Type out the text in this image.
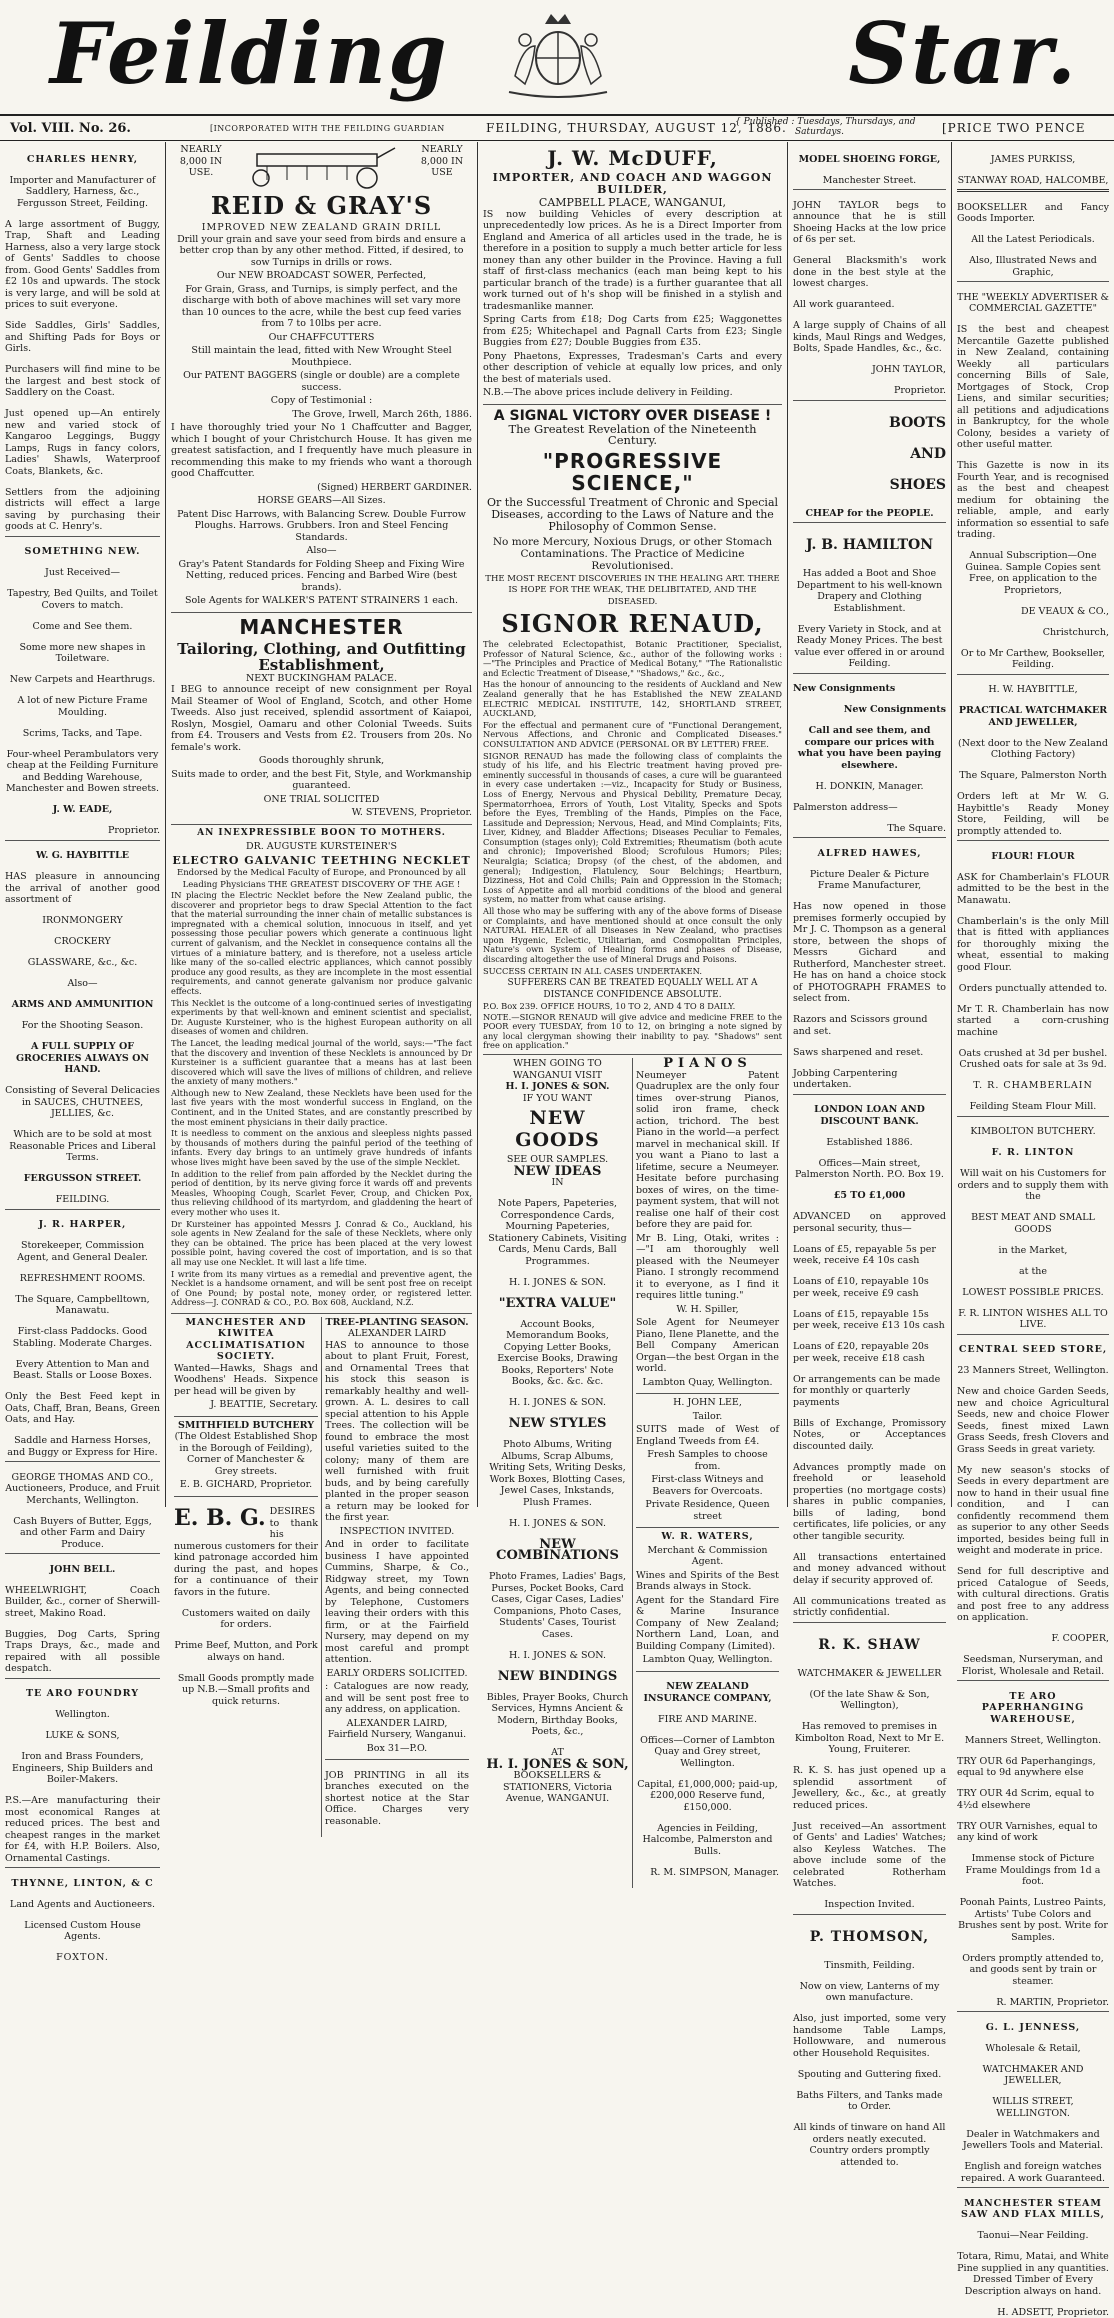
Feilding	Star.
Vol. VIII. No. 26.	[INCORPORATED WITH THE FEILDING GUARDIAN	FEILDING, THURSDAY, AUGUST 12, 1886.
{ Published : Tuesdays, Thursdays, and
Saturdays.	[PRICE TWO PENCE

CHARLES HENRY,

Importer and Manufacturer of Saddlery, Harness, &c., Fergusson Street, Feilding.

A large assortment of Buggy, Trap, Shaft and Leading Harness, also a very large stock of Gents' Saddles to choose from. Good Gents' Saddles from £2 10s and upwards. The stock is very large, and will be sold at prices to suit everyone.

Side Saddles, Girls' Saddles, and Shifting Pads for Boys or Girls.

Purchasers will find mine to be the largest and best stock of Saddlery on the Coast.

Just opened up—An entirely new and varied stock of Kangaroo Leggings, Buggy Lamps, Rugs in fancy colors, Ladies' Shawls, Waterproof Coats, Blankets, &c.

Settlers from the adjoining districts will effect a large saving by purchasing their goods at C. Henry's.

SOMETHING NEW.

Just Received—

Tapestry, Bed Quilts, and Toilet Covers to match.

Come and See them.

Some more new shapes in Toiletware.

New Carpets and Hearthrugs.

A lot of new Picture Frame Moulding.

Scrims, Tacks, and Tape.

Four-wheel Perambulators very cheap at the Feilding Furniture and Bedding Warehouse, Manchester and Bowen streets.

J. W. EADE,

Proprietor.

W. G. HAYBITTLE

HAS pleasure in announcing the arrival of another good assortment of

IRONMONGERY

CROCKERY

GLASSWARE, &c., &c.

Also—

ARMS AND AMMUNITION

For the Shooting Season.

A FULL SUPPLY OF GROCERIES ALWAYS ON HAND.

Consisting of Several Delicacies in SAUCES, CHUTNEES, JELLIES, &c.

Which are to be sold at most Reasonable Prices and Liberal Terms.

FERGUSSON STREET.

FEILDING.

J. R. HARPER,

Storekeeper, Commission Agent, and General Dealer.

REFRESHMENT ROOMS.

The Square, Campbelltown, Manawatu.

First-class Paddocks. Good Stabling. Moderate Charges.

Every Attention to Man and Beast. Stalls or Loose Boxes.

Only the Best Feed kept in Oats, Chaff, Bran, Beans, Green Oats, and Hay.

Saddle and Harness Horses, and Buggy or Express for Hire.

GEORGE THOMAS AND CO., Auctioneers, Produce, and Fruit Merchants, Wellington.

Cash Buyers of Butter, Eggs, and other Farm and Dairy Produce.

JOHN BELL.

WHEELWRIGHT, Coach Builder, &c., corner of Sherwill-street, Makino Road.

Buggies, Dog Carts, Spring Traps Drays, &c., made and repaired with all possible despatch.

TE ARO FOUNDRY

Wellington.

LUKE & SONS,

Iron and Brass Founders, Engineers, Ship Builders and Boiler-Makers.

P.S.—Are manufacturing their most economical Ranges at reduced prices. The best and cheapest ranges in the market for £4, with H.P. Boilers. Also, Ornamental Castings.

THYNNE, LINTON, & C

Land Agents and Auctioneers.

Licensed Custom House Agents.

FOXTON.

NEARLY 8,000 IN USE.
NEARLY 8,000 IN USE
REID & GRAY'S
IMPROVED NEW ZEALAND GRAIN DRILL

Drill your grain and save your seed from birds and ensure a better crop than by any other method. Fitted, if desired, to sow Turnips in drills or rows.

Our NEW BROADCAST SOWER, Perfected,

For Grain, Grass, and Turnips, is simply perfect, and the discharge with both of above machines will set vary more than 10 ounces to the acre, while the best cup feed varies from 7 to 10lbs per acre.

Our CHAFFCUTTERS

Still maintain the lead, fitted with New Wrought Steel Mouthpiece.

Our PATENT BAGGERS (single or double) are a complete success.

Copy of Testimonial :

The Grove, Irwell, March 26th, 1886.

I have thoroughly tried your No 1 Chaffcutter and Bagger, which I bought of your Christchurch House. It has given me greatest satisfaction, and I frequently have much pleasure in recommending this make to my friends who want a thorough good Chaffcutter.

(Signed) HERBERT GARDINER.

HORSE GEARS—All Sizes.

Patent Disc Harrows, with Balancing Screw. Double Furrow Ploughs. Harrows. Grubbers. Iron and Steel Fencing Standards.

Also—

Gray's Patent Standards for Folding Sheep and Fixing Wire Netting, reduced prices. Fencing and Barbed Wire (best brands).

Sole Agents for WALKER'S PATENT STRAINERS 1 each.

MANCHESTER
Tailoring, Clothing, and Outfitting Establishment,
NEXT BUCKINGHAM PALACE.

I BEG to announce receipt of new consignment per Royal Mail Steamer of Wool of England, Scotch, and other Home Tweeds. Also just received, splendid assortment of Kaiapoi, Roslyn, Mosgiel, Oamaru and other Colonial Tweeds. Suits from £4. Trousers and Vests from £2. Trousers from 20s. No female's work.

Goods thoroughly shrunk,

Suits made to order, and the best Fit, Style, and Workmanship guaranteed.

ONE TRIAL SOLICITED

W. STEVENS, Proprietor.

AN INEXPRESSIBLE BOON TO MOTHERS.
DR. AUGUSTE KURSTEINER'S
ELECTRO GALVANIC TEETHING NECKLET
Endorsed by the Medical Faculty of Europe, and Pronounced by all Leading Physicians THE GREATEST DISCOVERY OF THE AGE !

IN placing the Electric Necklet before the New Zealand public, the discoverer and proprietor begs to draw Special Attention to the fact that the material surrounding the inner chain of metallic substances is impregnated with a chemical solution, innocuous in itself, and yet possessing those peculiar powers which generate a continuous light current of galvanism, and the Necklet in consequence contains all the virtues of a miniature battery, and is therefore, not a useless article like many of the so-called electric appliances, which cannot possibly produce any good results, as they are incomplete in the most essential requirements, and cannot generate galvanism nor produce galvanic effects.

This Necklet is the outcome of a long-continued series of investigating experiments by that well-known and eminent scientist and specialist, Dr. Auguste Kursteiner, who is the highest European authority on all diseases of women and children.

The Lancet, the leading medical journal of the world, says:—"The fact that the discovery and invention of these Necklets is announced by Dr Kursteiner is a sufficient guarantee that a means has at last been discovered which will save the lives of millions of children, and relieve the anxiety of many mothers."

Although new to New Zealand, these Necklets have been used for the last five years with the most wonderful success in England, on the Continent, and in the United States, and are constantly prescribed by the most eminent physicians in their daily practice.

It is needless to comment on the anxious and sleepless nights passed by thousands of mothers during the painful period of the teething of infants. Every day brings to an untimely grave hundreds of infants whose lives might have been saved by the use of the simple Necklet.

In addition to the relief from pain afforded by the Necklet during the period of dentition, by its nerve giving force it wards off and prevents Measles, Whooping Cough, Scarlet Fever, Croup, and Chicken Pox, thus relieving childhood of its martyrdom, and gladdening the heart of every mother who uses it.

Dr Kursteiner has appointed Messrs J. Conrad & Co., Auckland, his sole agents in New Zealand for the sale of these Necklets, where only they can be obtained. The price has been placed at the very lowest possible point, having covered the cost of importation, and is so that all may use one Necklet. It will last a life time.

I write from its many virtues as a remedial and preventive agent, the Necklet is a handsome ornament, and will be sent post free on receipt of One Pound; by postal note, money order, or registered letter. Address—J. CONRAD & CO., P.O. Box 608, Auckland, N.Z.

MANCHESTER AND KIWITEA ACCLIMATISATION SOCIETY.

Wanted—Hawks, Shags and Woodhens' Heads. Sixpence per head will be given by

J. BEATTIE, Secretary.

SMITHFIELD BUTCHERY

(The Oldest Established Shop in the Borough of Feilding), Corner of Manchester & Grey streets.

E. B. GICHARD, Proprietor.

E. B. G. DESIRES to thank his numerous customers for their kind patronage accorded him during the past, and hopes for a continuance of their favors in the future.

Customers waited on daily for orders.

Prime Beef, Mutton, and Pork always on hand.

Small Goods promptly made up N.B.—Small profits and quick returns.

TREE-PLANTING SEASON.
ALEXANDER LAIRD

HAS to announce to those about to plant Fruit, Forest, and Ornamental Trees that his stock this season is remarkably healthy and well-grown. A. L. desires to call special attention to his Apple Trees. The collection will be found to embrace the most useful varieties suited to the colony; many of them are well furnished with fruit buds, and by being carefully planted in the proper season a return may be looked for the first year.

INSPECTION INVITED.

And in order to facilitate business I have appointed Cummins, Sharpe, & Co., Ridgway street, my Town Agents, and being connected by Telephone, Customers leaving their orders with this firm, or at the Fairfield Nursery, may depend on my most careful and prompt attention.

EARLY ORDERS SOLICITED.

: Catalogues are now ready, and will be sent post free to any address, on application.

ALEXANDER LAIRD, Fairfield Nursery, Wanganui.

Box 31—P.O.

JOB PRINTING in all its branches executed on the shortest notice at the Star Office. Charges very reasonable.

J. W. McDUFF,
IMPORTER, AND COACH AND WAGGON BUILDER,
CAMPBELL PLACE, WANGANUI,

IS now building Vehicles of every description at unprecedentedly low prices. As he is a Direct Importer from England and America of all articles used in the trade, he is therefore in a position to supply a much better article for less money than any other builder in the Province. Having a full staff of first-class mechanics (each man being kept to his particular branch of the trade) is a further guarantee that all work turned out of h's shop will be finished in a stylish and tradesmanlike manner.

Spring Carts from £18; Dog Carts from £25; Waggonettes from £25; Whitechapel and Pagnall Carts from £23; Single Buggies from £27; Double Buggies from £35.

Pony Phaetons, Expresses, Tradesman's Carts and every other description of vehicle at equally low prices, and only the best of materials used.

N.B.—The above prices include delivery in Feilding.

A SIGNAL VICTORY OVER DISEASE !
The Greatest Revelation of the Nineteenth Century.
"PROGRESSIVE SCIENCE,"
Or the Successful Treatment of Chronic and Special Diseases, according to the Laws of Nature and the Philosophy of Common Sense.
No more Mercury, Noxious Drugs, or other Stomach Contaminations. The Practice of Medicine Revolutionised.
THE MOST RECENT DISCOVERIES IN THE HEALING ART. THERE IS HOPE FOR THE WEAK, THE DELIBITATED, AND THE DISEASED.
SIGNOR RENAUD,

The celebrated Eclectopathist, Botanic Practitioner, Specialist, Professor of Natural Science, &c., author of the following works :—"The Principles and Practice of Medical Botany," "The Rationalistic and Eclectic Treatment of Disease," "Shadows," &c., &c.,

Has the honour of announcing to the residents of Auckland and New Zealand generally that he has Established the NEW ZEALAND ELECTRIC MEDICAL INSTITUTE, 142, SHORTLAND STREET, AUCKLAND,

For the effectual and permanent cure of "Functional Derangement, Nervous Affections, and Chronic and Complicated Diseases." CONSULTATION AND ADVICE (PERSONAL OR BY LETTER) FREE.

SIGNOR RENAUD has made the following class of complaints the study of his life, and his Electric treatment having proved pre-eminently successful in thousands of cases, a cure will be guaranteed in every case undertaken :—viz., Incapacity for Study or Business, Loss of Energy, Nervous and Physical Debility, Premature Decay, Spermatorrhoea, Errors of Youth, Lost Vitality, Specks and Spots before the Eyes, Trembling of the Hands, Pimples on the Face, Lassitude and Depression; Nervous, Head, and Mind Complaints; Fits, Liver, Kidney, and Bladder Affections; Diseases Peculiar to Females, Consumption (stages only); Cold Extremities; Rheumatism (both acute and chronic); Impoverished Blood; Scrofulous Humors; Piles; Neuralgia; Sciatica; Dropsy (of the chest, of the abdomen, and general); Indigestion, Flatulency, Sour Belchings; Heartburn, Dizziness, Hot and Cold Chills; Pain and Oppression in the Stomach; Loss of Appetite and all morbid conditions of the blood and general system, no matter from what cause arising.

All those who may be suffering with any of the above forms of Disease or Complaints, and have mentioned should at once consult the only NATURAL HEALER of all Diseases in New Zealand, who practises upon Hygenic, Eclectic, Utilitarian, and Cosmopolitan Principles, Nature's own System of Healing forms and phases of Disease, discarding altogether the use of Mineral Drugs and Poisons.

SUCCESS CERTAIN IN ALL CASES UNDERTAKEN.

SUFFERERS CAN BE TREATED EQUALLY WELL AT A DISTANCE CONFIDENCE ABSOLUTE.
P.O. Box 239. OFFICE HOURS, 10 TO 2, AND 4 TO 8 DAILY.
NOTE.—SIGNOR RENAUD will give advice and medicine FREE to the POOR every TUESDAY, from 10 to 12, on bringing a note signed by any local clergyman showing their inability to pay. "Shadows" sent free on application."
WHEN GOING TO WANGANUI VISIT
H. I. JONES & SON.
IF YOU WANT
NEW GOODS
SEE OUR SAMPLES.
NEW IDEAS
IN

Note Papers, Papeteries, Correspondence Cards, Mourning Papeteries, Stationery Cabinets, Visiting Cards, Menu Cards, Ball Programmes.

H. I. JONES & SON.

"EXTRA VALUE"

Account Books, Memorandum Books, Copying Letter Books, Exercise Books, Drawing Books, Reporters' Note Books, &c. &c. &c.

H. I. JONES & SON.

NEW STYLES

Photo Albums, Writing Albums, Scrap Albums, Writing Sets, Writing Desks, Work Boxes, Blotting Cases, Jewel Cases, Inkstands, Plush Frames.

H. I. JONES & SON.

NEW COMBINATIONS

Photo Frames, Ladies' Bags, Purses, Pocket Books, Card Cases, Cigar Cases, Ladies' Companions, Photo Cases, Students' Cases, Tourist Cases.

H. I. JONES & SON.

NEW BINDINGS

Bibles, Prayer Books, Church Services, Hymns Ancient & Modern, Birthday Books, Poets, &c.,

AT
H. I. JONES & SON,
BOOKSELLERS & STATIONERS, Victoria Avenue, WANGANUI.
PIANOS

Neumeyer Patent Quadruplex are the only four times over-strung Pianos, solid iron frame, check action, trichord. The best Piano in the world—a perfect marvel in mechanical skill. If you want a Piano to last a lifetime, secure a Neumeyer. Hesitate before purchasing boxes of wires, on the time-payment system, that will not realise one half of their cost before they are paid for.

Mr B. Ling, Otaki, writes :—"I am thoroughly well pleased with the Neumeyer Piano. I strongly recommend it to everyone, as I find it requires little tuning."

W. H. Spiller,

Sole Agent for Neumeyer Piano, Ilene Planette, and the Bell Company American Organ—the best Organ in the world.

Lambton Quay, Wellington.

H. JOHN LEE,

Tailor.

SUITS made of West of England Tweeds from £4.

Fresh Samples to choose from.

First-class Witneys and Beavers for Overcoats.

Private Residence, Queen street

W. R. WATERS,

Merchant & Commission Agent.

Wines and Spirits of the Best Brands always in Stock.

Agent for the Standard Fire & Marine Insurance Company of New Zealand; Northern Land, Loan, and Building Company (Limited).

Lambton Quay, Wellington.

NEW ZEALAND INSURANCE COMPANY,

FIRE AND MARINE.

Offices—Corner of Lambton Quay and Grey street, Wellington.

Capital, £1,000,000; paid-up, £200,000 Reserve fund, £150,000.

Agencies in Feilding, Halcombe, Palmerston and Bulls.

R. M. SIMPSON, Manager.

MODEL SHOEING FORGE,

Manchester Street.

JOHN TAYLOR begs to announce that he is still Shoeing Hacks at the low price of 6s per set.

General Blacksmith's work done in the best style at the lowest charges.

All work guaranteed.

A large supply of Chains of all kinds, Maul Rings and Wedges, Bolts, Spade Handles, &c., &c.

JOHN TAYLOR,

Proprietor.

BOOTS

AND

SHOES

CHEAP for the PEOPLE.

J. B. HAMILTON

Has added a Boot and Shoe Department to his well-known Drapery and Clothing Establishment.

Every Variety in Stock, and at Ready Money Prices. The best value ever offered in or around Feilding.

New Consignments

New Consignments

Call and see them, and compare our prices with what you have been paying elsewhere.

H. DONKIN, Manager.

Palmerston address—

The Square.

ALFRED HAWES,

Picture Dealer & Picture Frame Manufacturer,

Has now opened in those premises formerly occupied by Mr J. C. Thompson as a general store, between the shops of Messrs Gichard and Rutherford, Manchester street. He has on hand a choice stock of PHOTOGRAPH FRAMES to select from.

Razors and Scissors ground and set.

Saws sharpened and reset.

Jobbing Carpentering undertaken.

LONDON LOAN AND DISCOUNT BANK.

Established 1886.

Offices—Main street, Palmerston North. P.O. Box 19.

£5 TO £1,000

ADVANCED on approved personal security, thus—

Loans of £5, repayable 5s per week, receive £4 10s cash

Loans of £10, repayable 10s per week, receive £9 cash

Loans of £15, repayable 15s per week, receive £13 10s cash

Loans of £20, repayable 20s per week, receive £18 cash

Or arrangements can be made for monthly or quarterly payments

Bills of Exchange, Promissory Notes, or Acceptances discounted daily.

Advances promptly made on freehold or leasehold properties (no mortgage costs) shares in public companies, bills of lading, bond certificates, life policies, or any other tangible security.

All transactions entertained and money advanced without delay if security approved of.

All communications treated as strictly confidential.

R. K. SHAW

WATCHMAKER & JEWELLER

(Of the late Shaw & Son, Wellington),

Has removed to premises in Kimbolton Road, Next to Mr E. Young, Fruiterer.

R. K. S. has just opened up a splendid assortment of Jewellery, &c., &c., at greatly reduced prices.

Just received—An assortment of Gents' and Ladies' Watches; also Keyless Watches. The above include some of the celebrated Rotherham Watches.

Inspection Invited.

P. THOMSON,

Tinsmith, Feilding.

Now on view, Lanterns of my own manufacture.

Also, just imported, some very handsome Table Lamps, Hollowware, and numerous other Household Requisites.

Spouting and Guttering fixed.

Baths Filters, and Tanks made to Order.

All kinds of tinware on hand All orders neatly executed. Country orders promptly attended to.

JAMES PURKISS,

STANWAY ROAD, HALCOMBE,

BOOKSELLER and Fancy Goods Importer.

All the Latest Periodicals.

Also, Illustrated News and Graphic,

THE "WEEKLY ADVERTISER & COMMERCIAL GAZETTE"

IS the best and cheapest Mercantile Gazette published in New Zealand, containing Weekly all particulars concerning Bills of Sale, Mortgages of Stock, Crop Liens, and similar securities; all petitions and adjudications in Bankruptcy, for the whole Colony, besides a variety of other useful matter.

This Gazette is now in its Fourth Year, and is recognised as the best and cheapest medium for obtaining the reliable, ample, and early information so essential to safe trading.

Annual Subscription—One Guinea. Sample Copies sent Free, on application to the Proprietors,

DE VEAUX & CO.,

Christchurch,

Or to Mr Carthew, Bookseller, Feilding.

H. W. HAYBITTLE,

PRACTICAL WATCHMAKER AND JEWELLER,

(Next door to the New Zealand Clothing Factory)

The Square, Palmerston North

Orders left at Mr W. G. Haybittle's Ready Money Store, Feilding, will be promptly attended to.

FLOUR! FLOUR

ASK for Chamberlain's FLOUR admitted to be the best in the Manawatu.

Chamberlain's is the only Mill that is fitted with appliances for thoroughly mixing the wheat, essential to making good Flour.

Orders punctually attended to.

Mr T. R. Chamberlain has now started a corn-crushing machine

Oats crushed at 3d per bushel. Crushed oats for sale at 3s 9d.

T. R. CHAMBERLAIN

Feilding Steam Flour Mill.

KIMBOLTON BUTCHERY.

F. R. LINTON

Will wait on his Customers for orders and to supply them with the

BEST MEAT AND SMALL GOODS

in the Market,

at the

LOWEST POSSIBLE PRICES.

F. R. LINTON WISHES ALL TO LIVE.

CENTRAL SEED STORE,

23 Manners Street, Wellington.

New and choice Garden Seeds, new and choice Agricultural Seeds, new and choice Flower Seeds, finest mixed Lawn Grass Seeds, fresh Clovers and Grass Seeds in great variety.

My new season's stocks of Seeds in every department are now to hand in their usual fine condition, and I can confidently recommend them as superior to any other Seeds imported, besides being full in weight and moderate in price.

Send for full descriptive and priced Catalogue of Seeds, with cultural directions. Gratis and post free to any address on application.

F. COOPER,

Seedsman, Nurseryman, and Florist, Wholesale and Retail.

TE ARO PAPERHANGING WAREHOUSE,

Manners Street, Wellington.

TRY OUR 6d Paperhangings, equal to 9d anywhere else

TRY OUR 4d Scrim, equal to 4½d elsewhere

TRY OUR Varnishes, equal to any kind of work

Immense stock of Picture Frame Mouldings from 1d a foot.

Poonah Paints, Lustreo Paints, Artists' Tube Colors and Brushes sent by post. Write for Samples.

Orders promptly attended to, and goods sent by train or steamer.

R. MARTIN, Proprietor.

G. L. JENNESS,

Wholesale & Retail,

WATCHMAKER AND JEWELLER,

WILLIS STREET, WELLINGTON.

Dealer in Watchmakers and Jewellers Tools and Material.

English and foreign watches repaired. A work Guaranteed.

MANCHESTER STEAM SAW AND FLAX MILLS,

Taonui—Near Feilding.

Totara, Rimu, Matai, and White Pine supplied in any quantities. Dressed Timber of Every Description always on hand.

H. ADSETT, Proprietor.
